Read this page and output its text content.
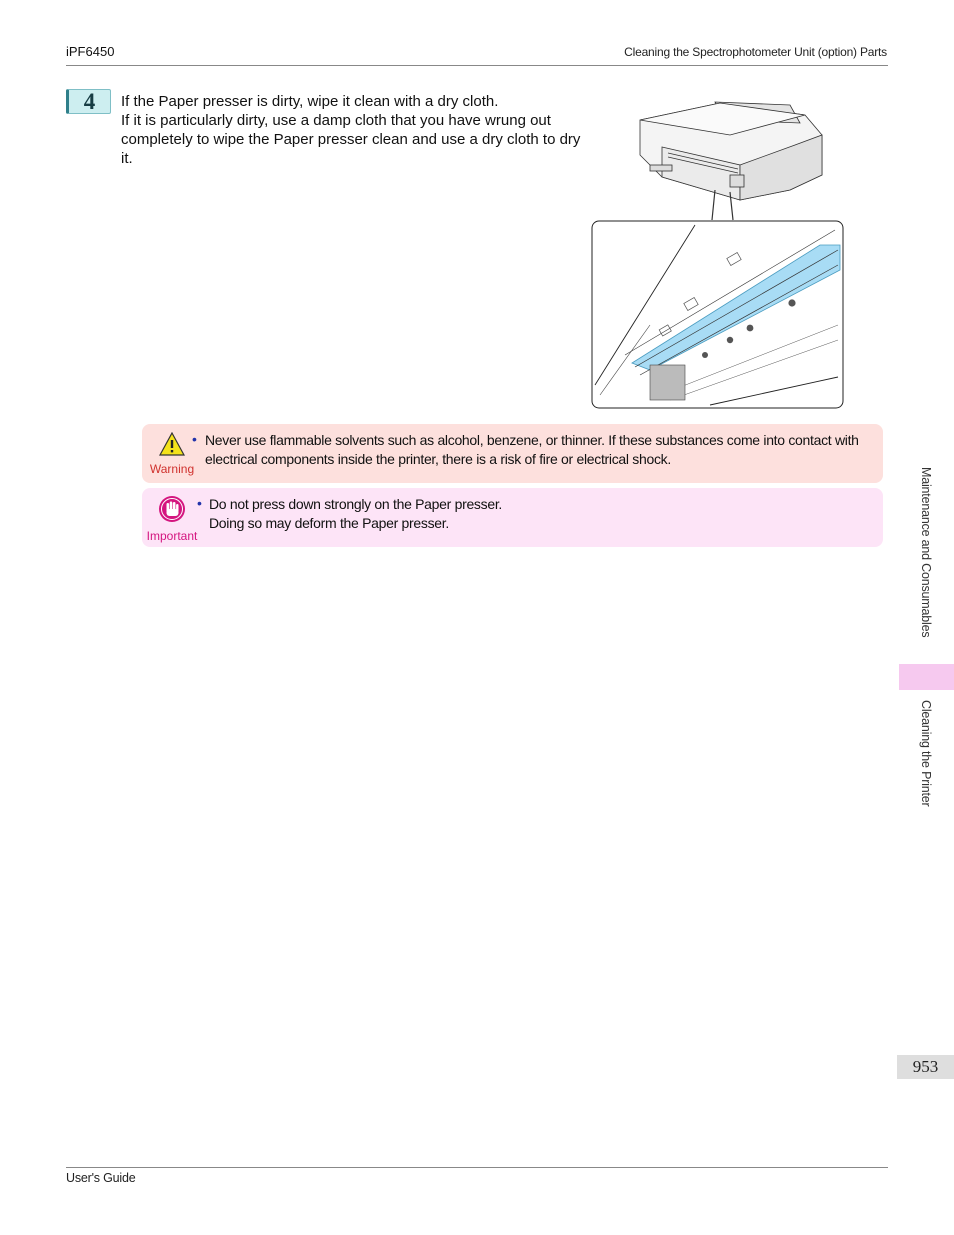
iPF6450	Cleaning the Spectrophotometer Unit (option) Parts
4	If the Paper presser is dirty, wipe it clean with a dry cloth.

If it is particularly dirty, use a damp cloth that you have wrung out completely to wipe the Paper presser clean and use a dry cloth to dry it.

Warning
• Never use flammable solvents such as alcohol, benzene, or thinner. If these substances come into contact with electrical components inside the printer, there is a risk of fire or electrical shock.

Important
• Do not press down strongly on the Paper presser.

Doing so may deform the Paper presser.	Maintenance and Consumables
Cleaning the Printer
953
User's Guide
